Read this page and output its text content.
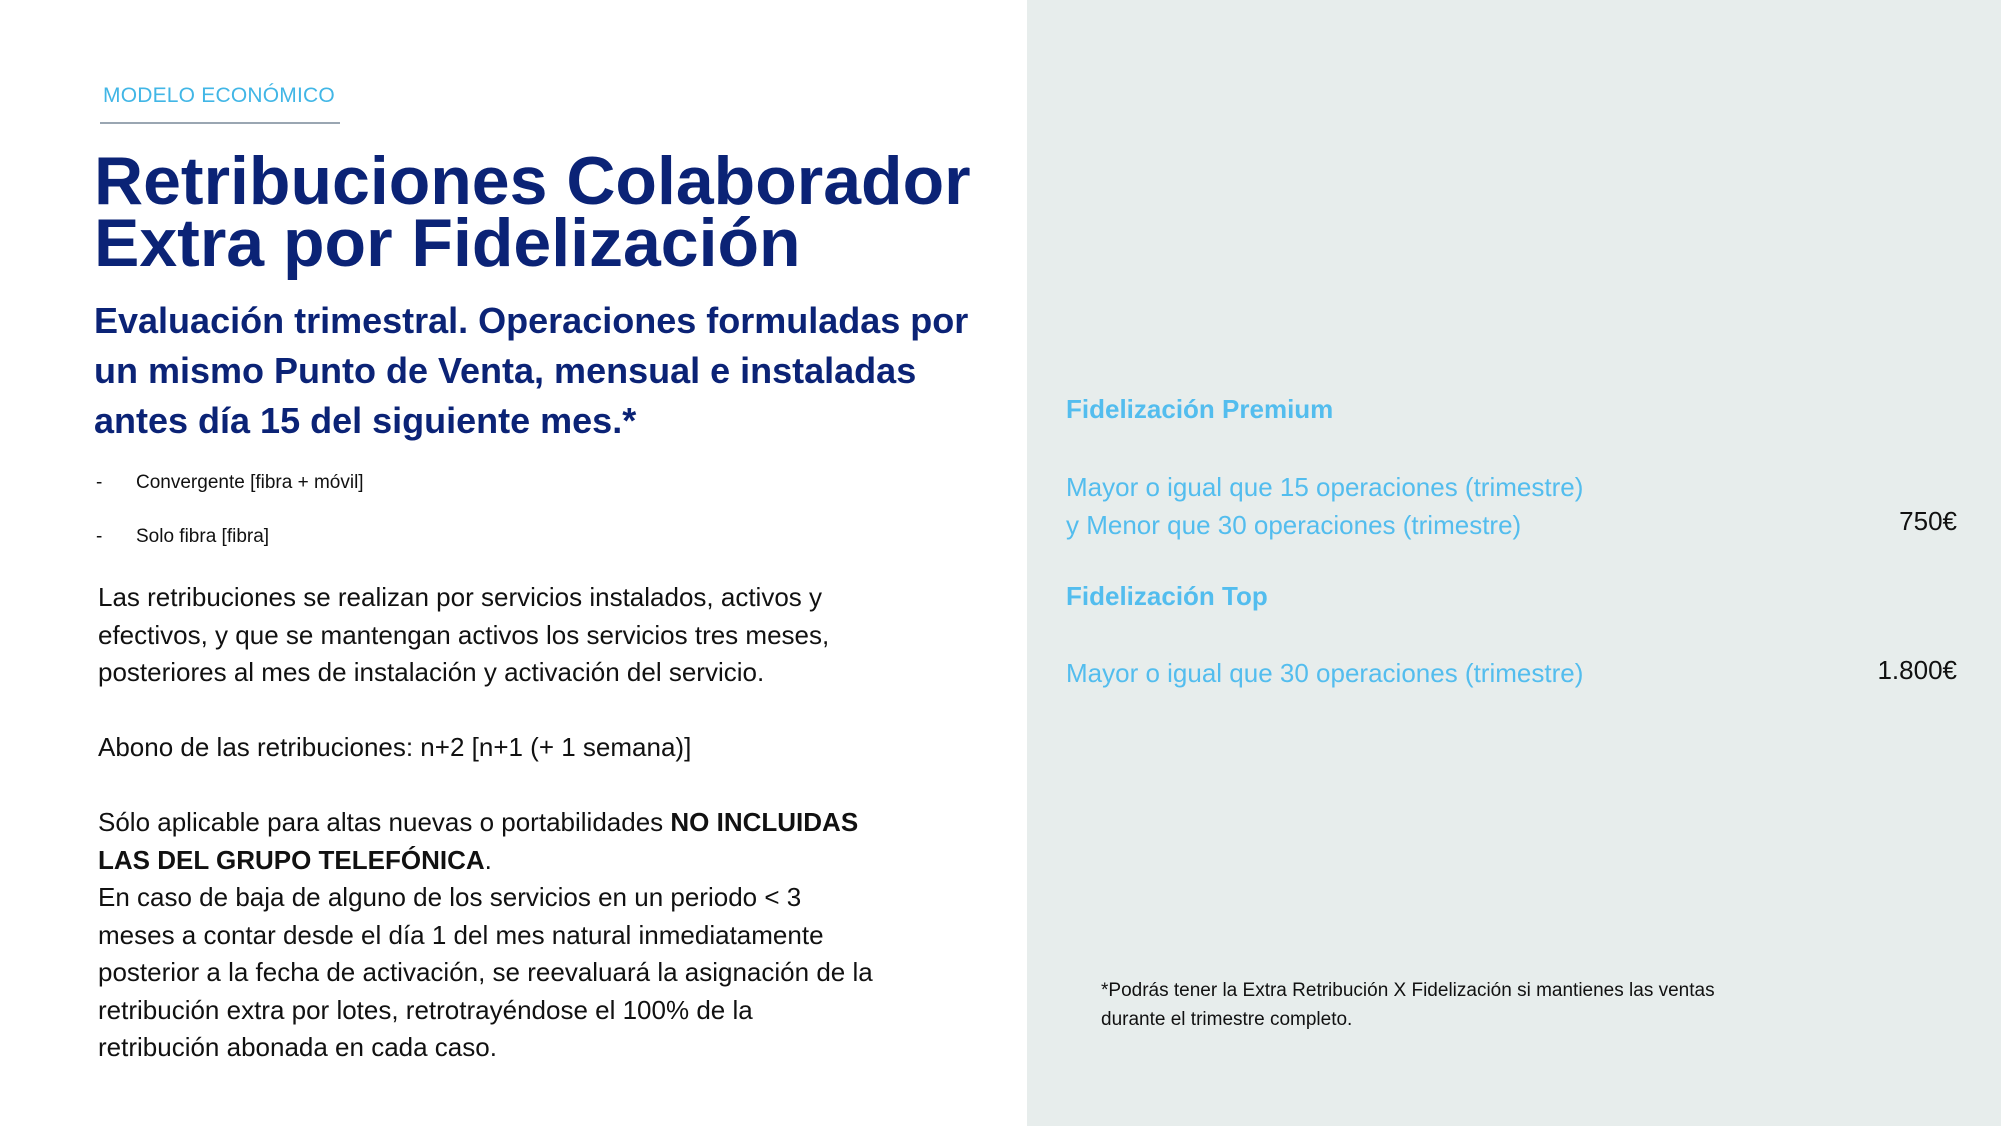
MODELO ECONÓMICO
Retribuciones Colaborador
Extra por Fidelización
Evaluación trimestral. Operaciones formuladas por
un mismo Punto de Venta, mensual e instaladas
antes día 15 del siguiente mes.*
- Convergente [fibra + móvil]
- Solo fibra [fibra]

Las retribuciones se realizan por servicios instalados, activos y
efectivos, y que se mantengan activos los servicios tres meses,
posteriores al mes de instalación y activación del servicio.

Abono de las retribuciones: n+2 [n+1 (+ 1 semana)]

Sólo aplicable para altas nuevas o portabilidades NO INCLUIDAS
LAS DEL GRUPO TELEFÓNICA.

En caso de baja de alguno de los servicios en un periodo < 3
meses a contar desde el día 1 del mes natural inmediatamente
posterior a la fecha de activación, se reevaluará la asignación de la
retribución extra por lotes, retrotrayéndose el 100% de la
retribución abonada en cada caso.

Fidelización Premium

Mayor o igual que 15 operaciones (trimestre)
y Menor que 30 operaciones (trimestre)	750€
Fidelización Top

Mayor o igual que 30 operaciones (trimestre)	1.800€

*Podrás tener la Extra Retribución X Fidelización si mantienes las ventas
durante el trimestre completo.
